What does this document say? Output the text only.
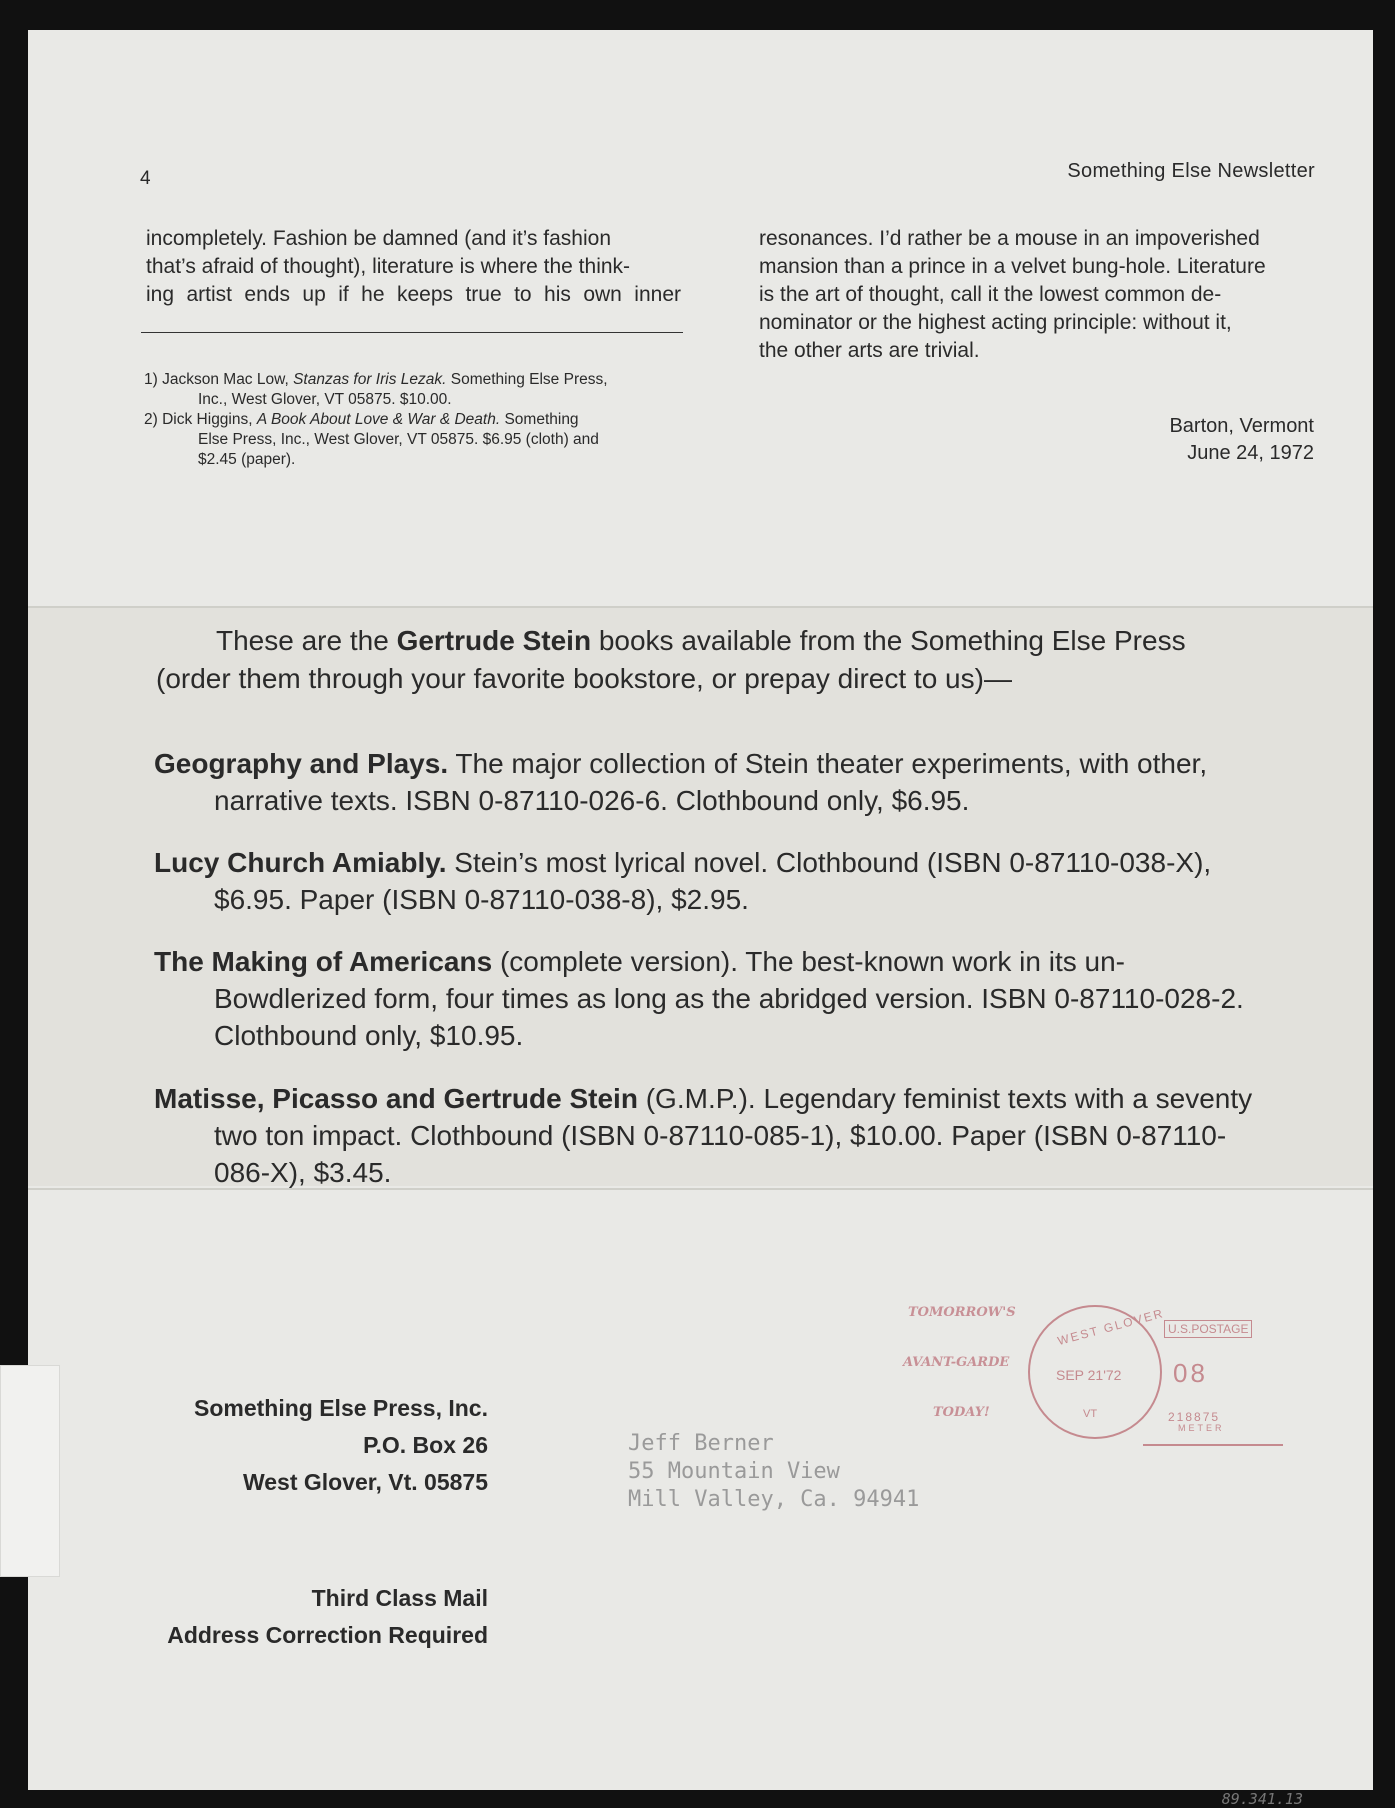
4	Something Else Newsletter
incompletely. Fashion be damned (and it’s fashion
that’s afraid of thought), literature is where the think-
ing artist ends up if he keeps true to his own inner
1) Jackson Mac Low, Stanzas for Iris Lezak. Something Else Press,
Inc., West Glover, VT 05875. $10.00.
2) Dick Higgins, A Book About Love & War & Death. Something
Else Press, Inc., West Glover, VT 05875. $6.95 (cloth) and
$2.45 (paper).
resonances. I’d rather be a mouse in an impoverished
mansion than a prince in a velvet bung-hole. Literature
is the art of thought, call it the lowest common de-
nominator or the highest acting principle: without it,
the other arts are trivial.
Barton, Vermont
June 24, 1972
These are the Gertrude Stein books available from the Something Else Press
(order them through your favorite bookstore, or prepay direct to us)—
Geography and Plays. The major collection of Stein theater experiments, with other,
narrative texts. ISBN 0-87110-026-6. Clothbound only, $6.95.
Lucy Church Amiably. Stein’s most lyrical novel. Clothbound (ISBN 0-87110-038-X),
$6.95. Paper (ISBN 0-87110-038-8), $2.95.
The Making of Americans (complete version). The best-known work in its un-
Bowdlerized form, four times as long as the abridged version. ISBN 0-87110-028-2.
Clothbound only, $10.95.
Matisse, Picasso and Gertrude Stein (G.M.P.). Legendary feminist texts with a seventy
two ton impact. Clothbound (ISBN 0-87110-085-1), $10.00. Paper (ISBN 0-87110-
086-X), $3.45.
TOMORROW'S
AVANT-GARDE
TODAY!
WEST GLOVER
SEP 21'72
VT
U.S.POSTAGE
08
218875
METER
Jeff Berner
55 Mountain View
Mill Valley, Ca. 94941
Something Else Press, Inc.
P.O. Box 26
West Glover, Vt. 05875
Third Class Mail
Address Correction Required
89.341.13
